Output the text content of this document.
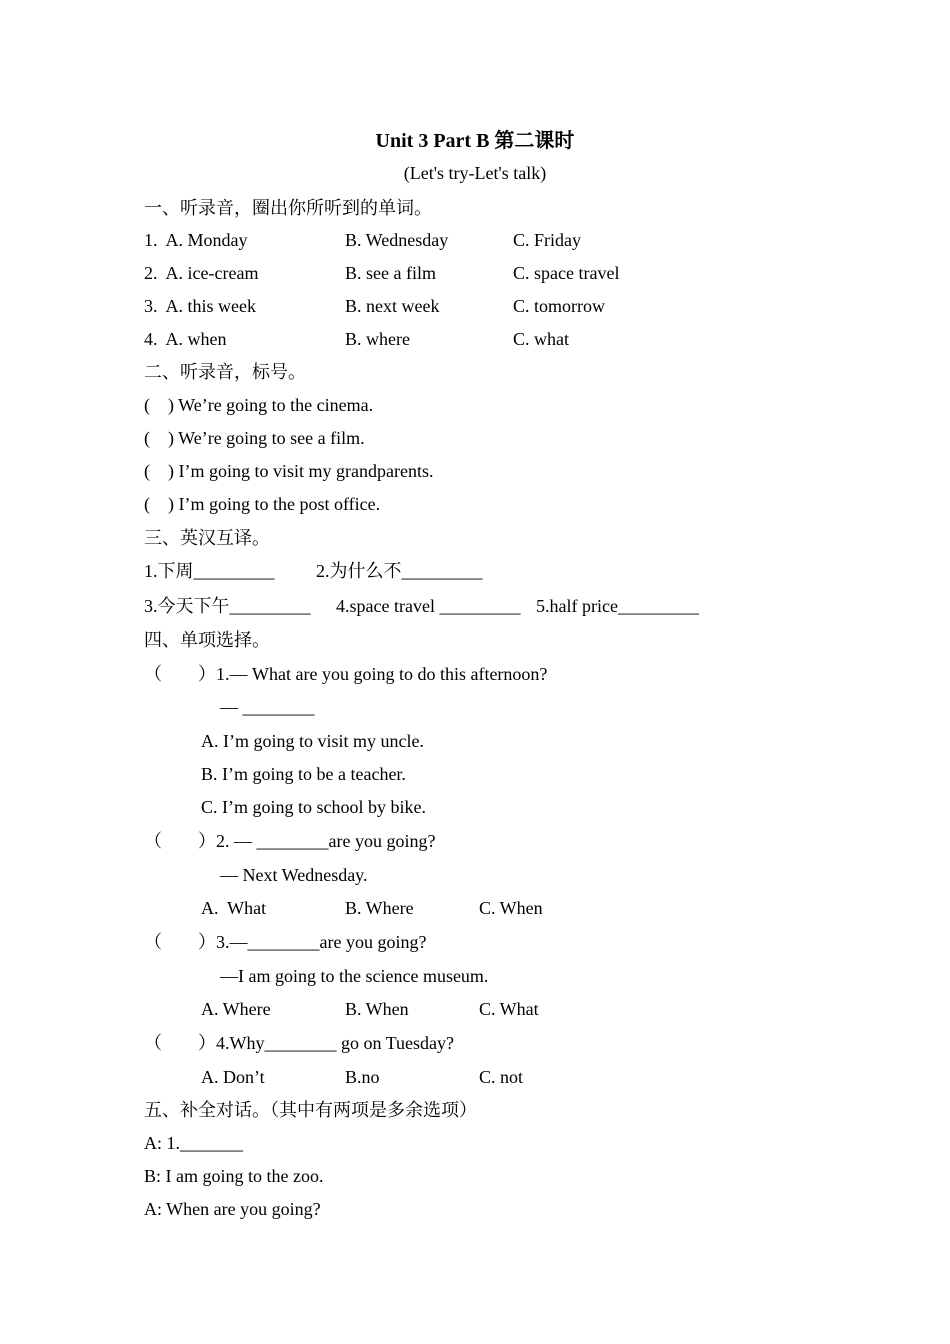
Unit 3 Part B 第二课时
(Let's try-Let's talk)
一、听录音，圈出你所听到的单词。
1.  A. Monday	B. Wednesday	C. Friday
2.  A. ice-cream	B. see a film	C. space travel
3.  A. this week	B. next week	C. tomorrow
4.  A. when	B. where	C. what
二、听录音，标号。
(    ) We’re going to the cinema.
(    ) We’re going to see a film.
(    ) I’m going to visit my grandparents.
(    ) I’m going to the post office.
三、英汉互译。
1.下周_________ 2.为什么不_________
3.今天下午_________ 4.space travel _________ 5.half price_________
四、单项选择。
（        ）1.— What are you going to do this afternoon?
— ________
A. I’m going to visit my uncle.
B. I’m going to be a teacher.
C. I’m going to school by bike.
（        ）2. — ________are you going?
— Next Wednesday.
A.  What	B. Where	C. When
（        ）3.—________are you going?
—I am going to the science museum.
A. Where	B. When	C. What
（        ）4.Why________ go on Tuesday?
A. Don’t	B.no	C. not
五、补全对话。（其中有两项是多余选项）
A: 1._______
B: I am going to the zoo.
A: When are you going?
